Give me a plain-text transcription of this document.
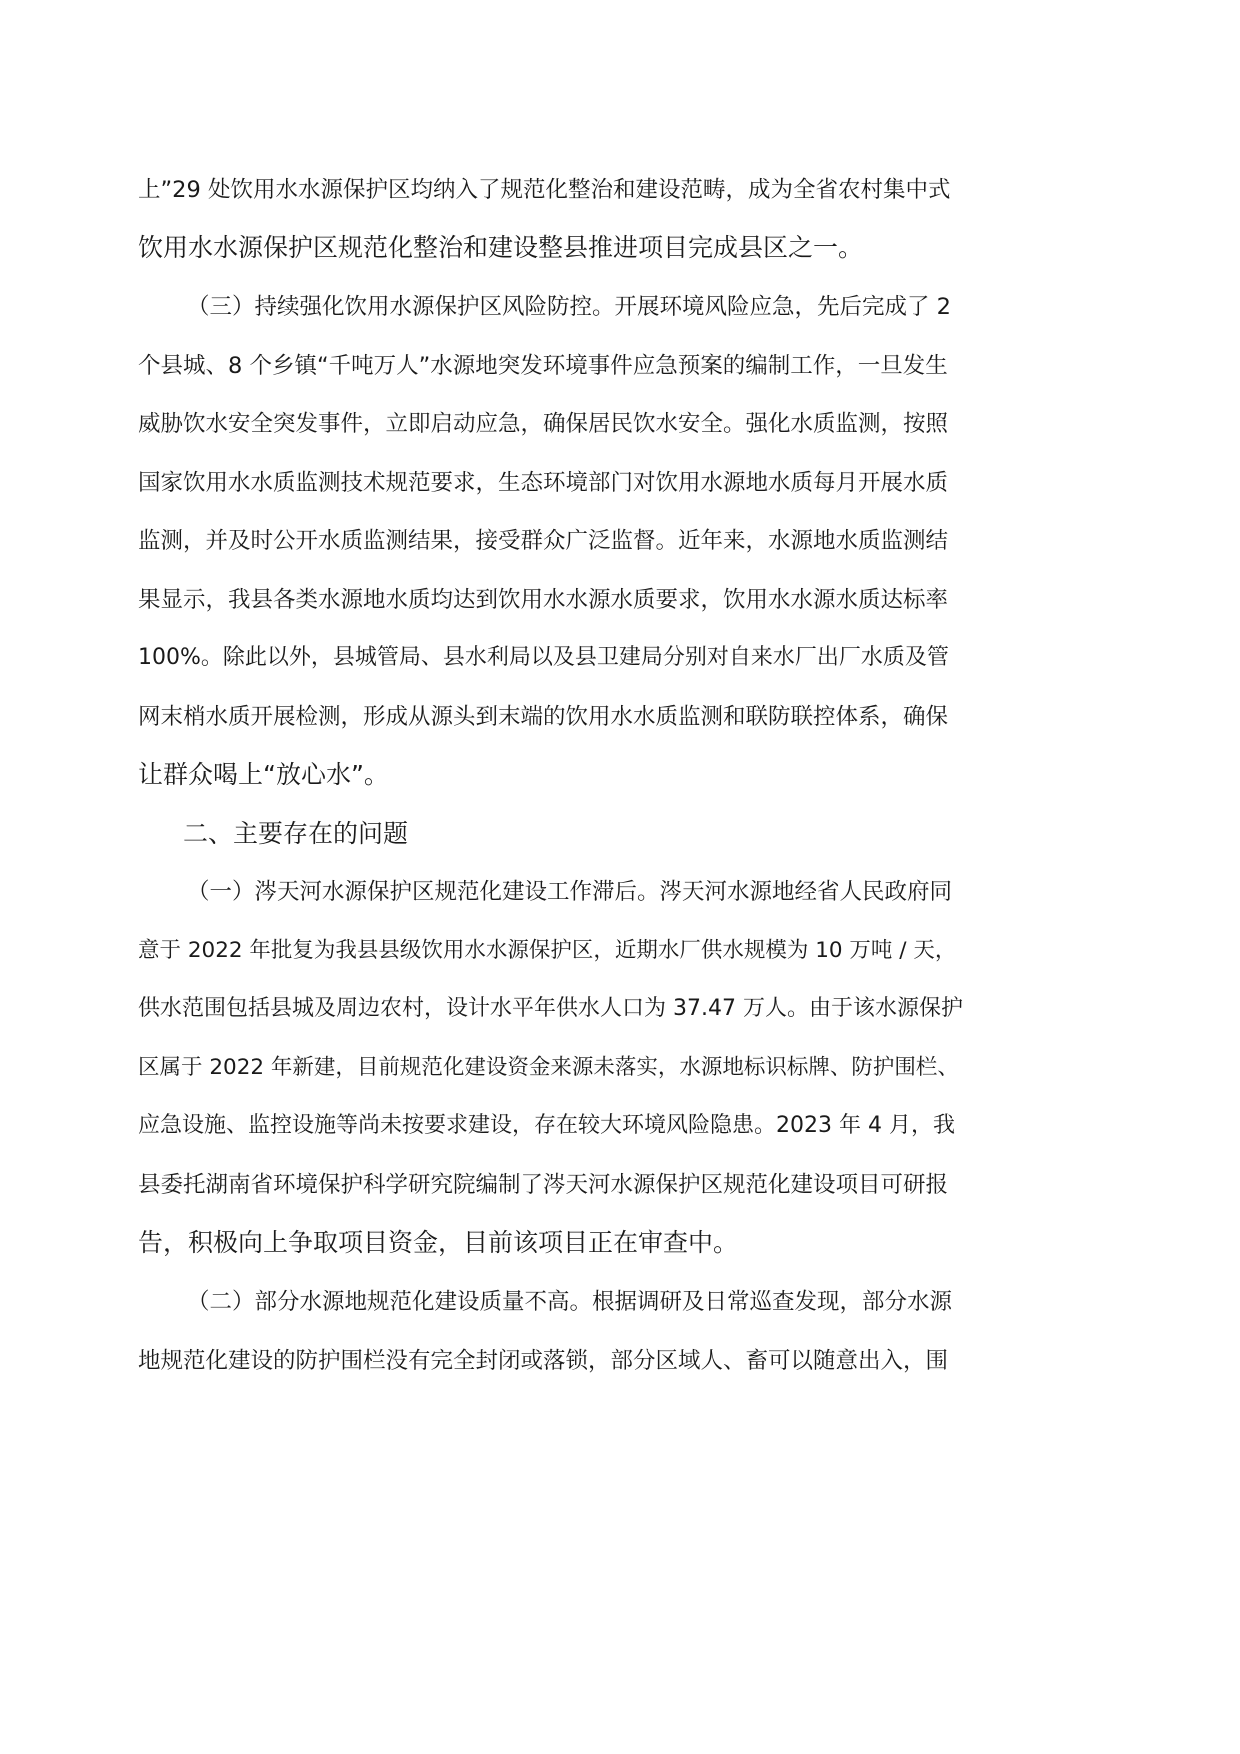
上”29 处饮用水水源保护区均纳入了规范化整治和建设范畴，成为全省农村集中式
饮用水水源保护区规范化整治和建设整县推进项目完成县区之一。
（三）持续强化饮用水源保护区风险防控。开展环境风险应急，先后完成了 2
个县城、8 个乡镇“千吨万人”水源地突发环境事件应急预案的编制工作，一旦发生
威胁饮水安全突发事件，立即启动应急，确保居民饮水安全。强化水质监测，按照
国家饮用水水质监测技术规范要求，生态环境部门对饮用水源地水质每月开展水质
监测，并及时公开水质监测结果，接受群众广泛监督。近年来，水源地水质监测结
果显示，我县各类水源地水质均达到饮用水水源水质要求，饮用水水源水质达标率
100%。除此以外，县城管局、县水利局以及县卫建局分别对自来水厂出厂水质及管
网末梢水质开展检测，形成从源头到末端的饮用水水质监测和联防联控体系，确保
让群众喝上“放心水”。
二、主要存在的问题
（一）涔天河水源保护区规范化建设工作滞后。涔天河水源地经省人民政府同
意于 2022 年批复为我县县级饮用水水源保护区，近期水厂供水规模为 10 万吨 / 天，
供水范围包括县城及周边农村，设计水平年供水人口为 37.47 万人。由于该水源保护
区属于 2022 年新建，目前规范化建设资金来源未落实，水源地标识标牌、防护围栏、
应急设施、监控设施等尚未按要求建设，存在较大环境风险隐患。2023 年 4 月，我
县委托湖南省环境保护科学研究院编制了涔天河水源保护区规范化建设项目可研报
告，积极向上争取项目资金，目前该项目正在审查中。
（二）部分水源地规范化建设质量不高。根据调研及日常巡查发现，部分水源
地规范化建设的防护围栏没有完全封闭或落锁，部分区域人、畜可以随意出入，围
